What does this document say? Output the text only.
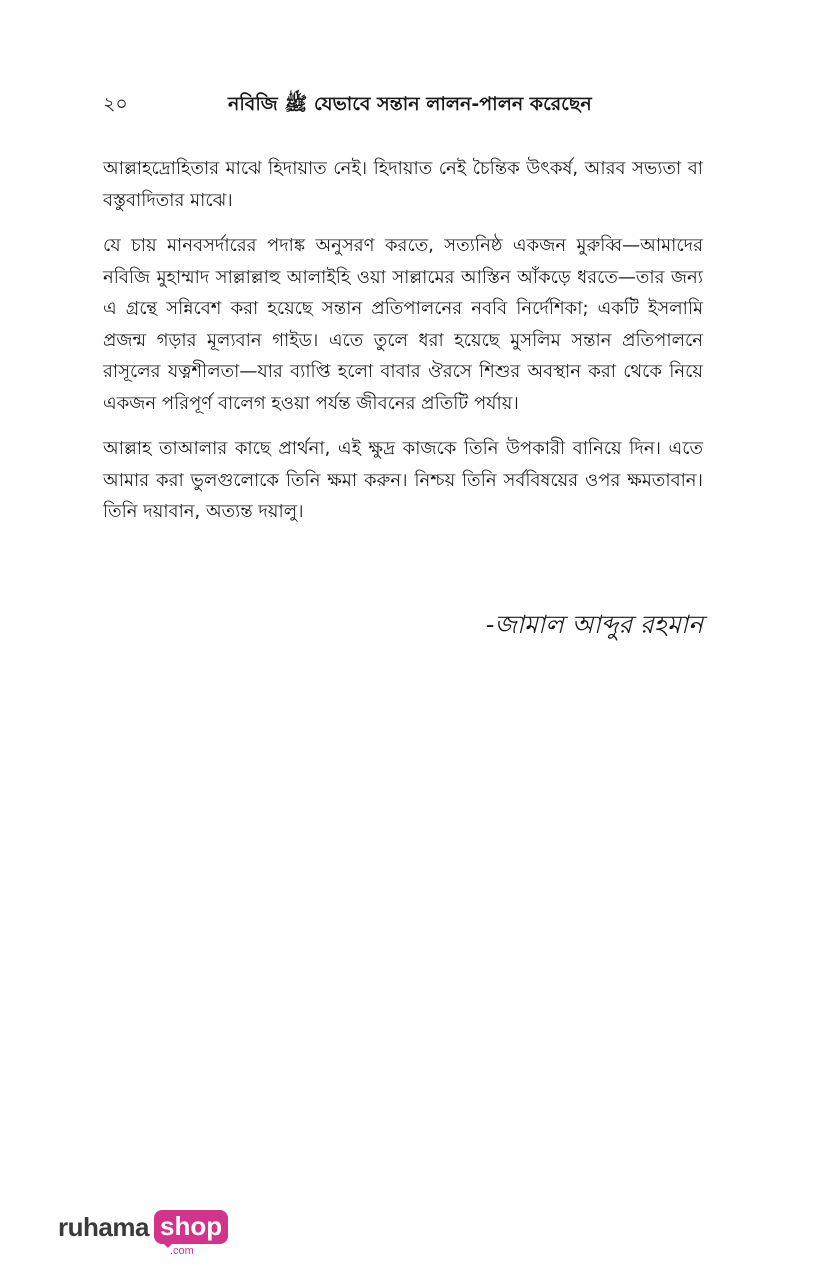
২০	নবিজি ﷺ যেভাবে সন্তান লালন-পালন করেছেন

আল্লাহদ্রোহিতার মাঝে হিদায়াত নেই। হিদায়াত নেই চৈন্তিক উৎকর্ষ, আরব সভ্যতা বা বস্তুবাদিতার মাঝে।

যে চায় মানবসর্দারের পদাঙ্ক অনুসরণ করতে, সত্যনিষ্ঠ একজন মুরুব্বি—আমাদের নবিজি মুহাম্মাদ সাল্লাল্লাহু আলাইহি ওয়া সাল্লামের আস্তিন আঁকড়ে ধরতে—তার জন্য এ গ্রন্থে সন্নিবেশ করা হয়েছে সন্তান প্রতিপালনের নববি নির্দেশিকা; একটি ইসলামি প্রজন্ম গড়ার মূল্যবান গাইড। এতে তুলে ধরা হয়েছে মুসলিম সন্তান প্রতিপালনে রাসূলের যত্নশীলতা—যার ব্যাপ্তি হলো বাবার ঔরসে শিশুর অবস্থান করা থেকে নিয়ে একজন পরিপূর্ণ বালেগ হওয়া পর্যন্ত জীবনের প্রতিটি পর্যায়।

আল্লাহ তাআলার কাছে প্রার্থনা, এই ক্ষুদ্র কাজকে তিনি উপকারী বানিয়ে দিন। এতে আমার করা ভুলগুলোকে তিনি ক্ষমা করুন। নিশ্চয় তিনি সর্ববিষয়ের ওপর ক্ষমতাবান। তিনি দয়াবান, অত্যন্ত দয়ালু।

-জামাল আব্দুর রহমান
ruhama shop
.com
